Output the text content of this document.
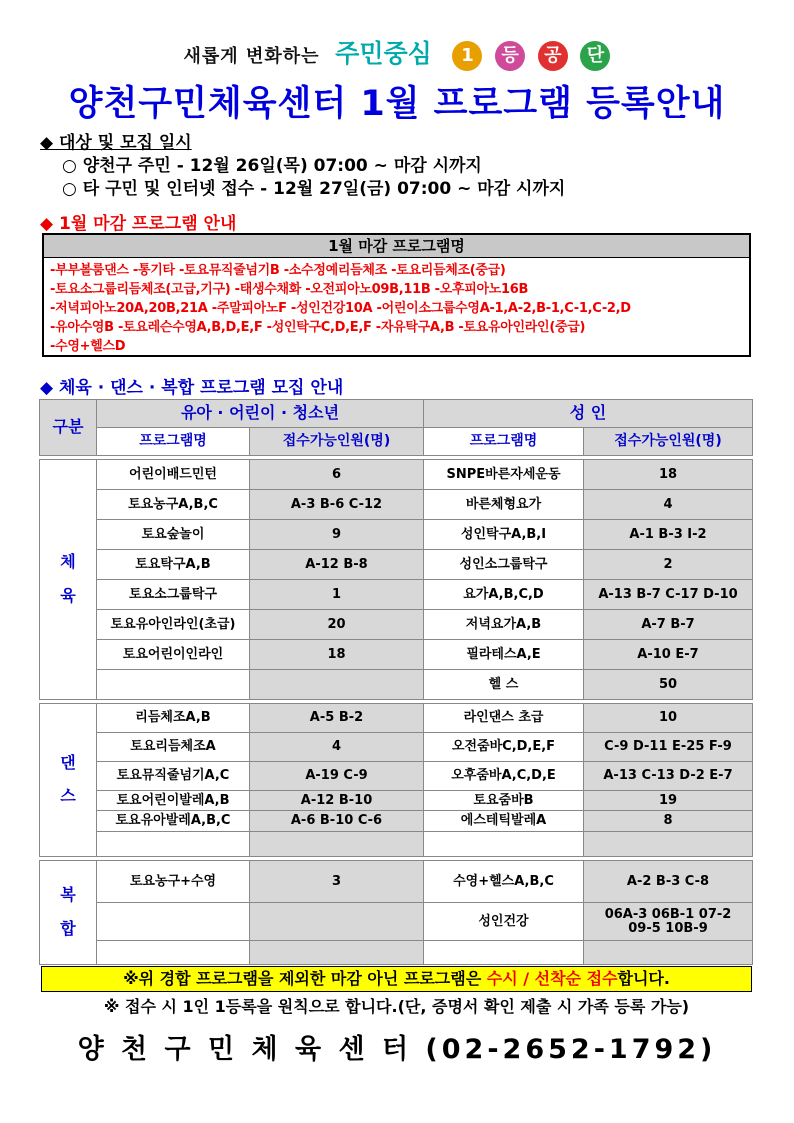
새롭게 변화하는 주민중심 1 등 공 단
양천구민체육센터 1월 프로그램 등록안내
◆ 대상 및 모집 일시
○ 양천구 주민 - 12월 26일(목) 07:00 ~ 마감 시까지
○ 타 구민 및 인터넷 접수 - 12월 27일(금) 07:00 ~ 마감 시까지
◆ 1월 마감 프로그램 안내
1월 마감 프로그램명
-부부볼룸댄스 -통기타 -토요뮤직줄넘기B -소수정예리듬체조 -토요리듬체조(중급)
-토요소그룹리듬체조(고급,기구) -태생수채화 -오전피아노09B,11B -오후피아노16B
-저녁피아노20A,20B,21A -주말피아노F -성인건강10A -어린이소그룹수영A-1,A-2,B-1,C-1,C-2,D
-유아수영B -토요레슨수영A,B,D,E,F -성인탁구C,D,E,F -자유탁구A,B -토요유아인라인(중급)
-수영+헬스D
◆ 체육 · 댄스 · 복합 프로그램 모집 안내
구분	유아 · 어린이 · 청소년		성 인	
	프로그램명	접수가능인원(명)	프로그램명	접수가능인원(명)

체

육	어린이배드민턴	6	SNPE바른자세운동	18
	토요농구A,B,C	A-3 B-6 C-12	바른체형요가	4
	토요숲놀이	9	성인탁구A,B,I	A-1 B-3 I-2
	토요탁구A,B	A-12 B-8	성인소그룹탁구	2
	토요소그룹탁구	1	요가A,B,C,D	A-13 B-7 C-17 D-10
	토요유아인라인(초급)	20	저녁요가A,B	A-7 B-7
	토요어린이인라인	18	필라테스A,E	A-10 E-7
			헬 스	50

댄

스	리듬체조A,B	A-5 B-2	라인댄스 초급	10
	토요리듬체조A	4	오전줌바C,D,E,F	C-9 D-11 E-25 F-9
	토요뮤직줄넘기A,C	A-19 C-9	오후줌바A,C,D,E	A-13 C-13 D-2 E-7
	토요어린이발레A,B	A-12 B-10	토요줌바B	19
	토요유아발레A,B,C	A-6 B-10 C-6	에스테틱발레A	8

복

합	토요농구+수영	3	수영+헬스A,B,C	A-2 B-3 C-8
			성인건강	06A-3 06B-1 07-2 09-5 10B-9

※위 경합 프로그램을 제외한 마감 아닌 프로그램은 수시 / 선착순 접수합니다.
※ 접수 시 1인 1등록을 원칙으로 합니다.(단, 증명서 확인 제출 시 가족 등록 가능)
양 천 구 민 체 육 센 터 (02-2652-1792)
